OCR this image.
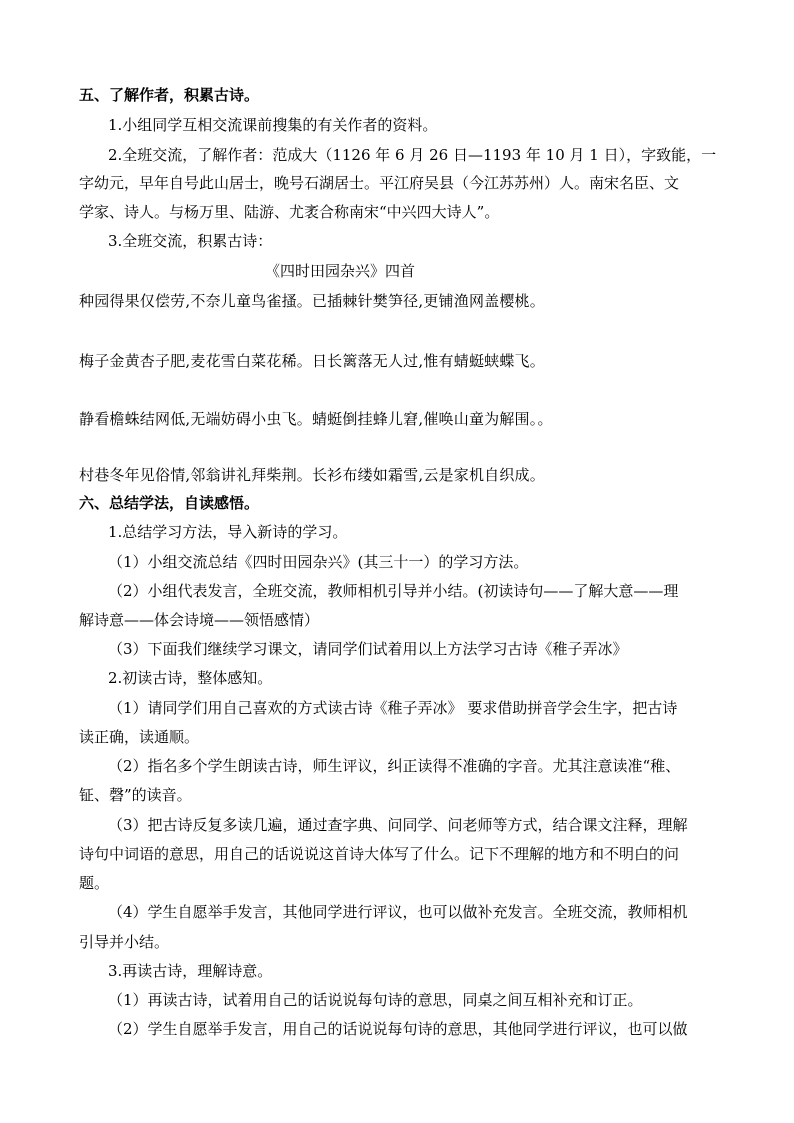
五、了解作者，积累古诗。
1.小组同学互相交流课前搜集的有关作者的资料。
2.全班交流，了解作者：范成大（1126 年 6 月 26 日—1193 年 10 月 1 日），字致能，一
字幼元，早年自号此山居士，晚号石湖居士。平江府吴县（今江苏苏州）人。南宋名臣、文
学家、诗人。与杨万里、陆游、尤袤合称南宋“中兴四大诗人”。
3.全班交流，积累古诗：
《四时田园杂兴》四首
种园得果仅偿劳,不奈儿童鸟雀搔。已插棘针樊笋径,更铺渔网盖樱桃。
梅子金黄杏子肥,麦花雪白菜花稀。日长篱落无人过,惟有蜻蜓蛱蝶飞。
静看檐蛛结网低,无端妨碍小虫飞。蜻蜓倒挂蜂儿窘,催唤山童为解围。。
村巷冬年见俗情,邻翁讲礼拜柴荆。长衫布缕如霜雪,云是家机自织成。
六、总结学法，自读感悟。
1.总结学习方法，导入新诗的学习。
（1）小组交流总结《四时田园杂兴》(其三十一）的学习方法。
（2）小组代表发言，全班交流，教师相机引导并小结。(初读诗句——了解大意——理
解诗意——体会诗境——领悟感情）
（3）下面我们继续学习课文，请同学们试着用以上方法学习古诗《稚子弄冰》
2.初读古诗，整体感知。
（1）请同学们用自己喜欢的方式读古诗《稚子弄冰》 要求借助拼音学会生字，把古诗
读正确，读通顺。
（2）指名多个学生朗读古诗，师生评议，纠正读得不准确的字音。尤其注意读准“稚、
钲、磬”的读音。
（3）把古诗反复多读几遍，通过查字典、问同学、问老师等方式，结合课文注释，理解
诗句中词语的意思，用自己的话说说这首诗大体写了什么。记下不理解的地方和不明白的问
题。
（4）学生自愿举手发言，其他同学进行评议，也可以做补充发言。全班交流，教师相机
引导并小结。
3.再读古诗，理解诗意。
（1）再读古诗，试着用自己的话说说每句诗的意思，同桌之间互相补充和订正。
（2）学生自愿举手发言，用自己的话说说每句诗的意思，其他同学进行评议，也可以做
